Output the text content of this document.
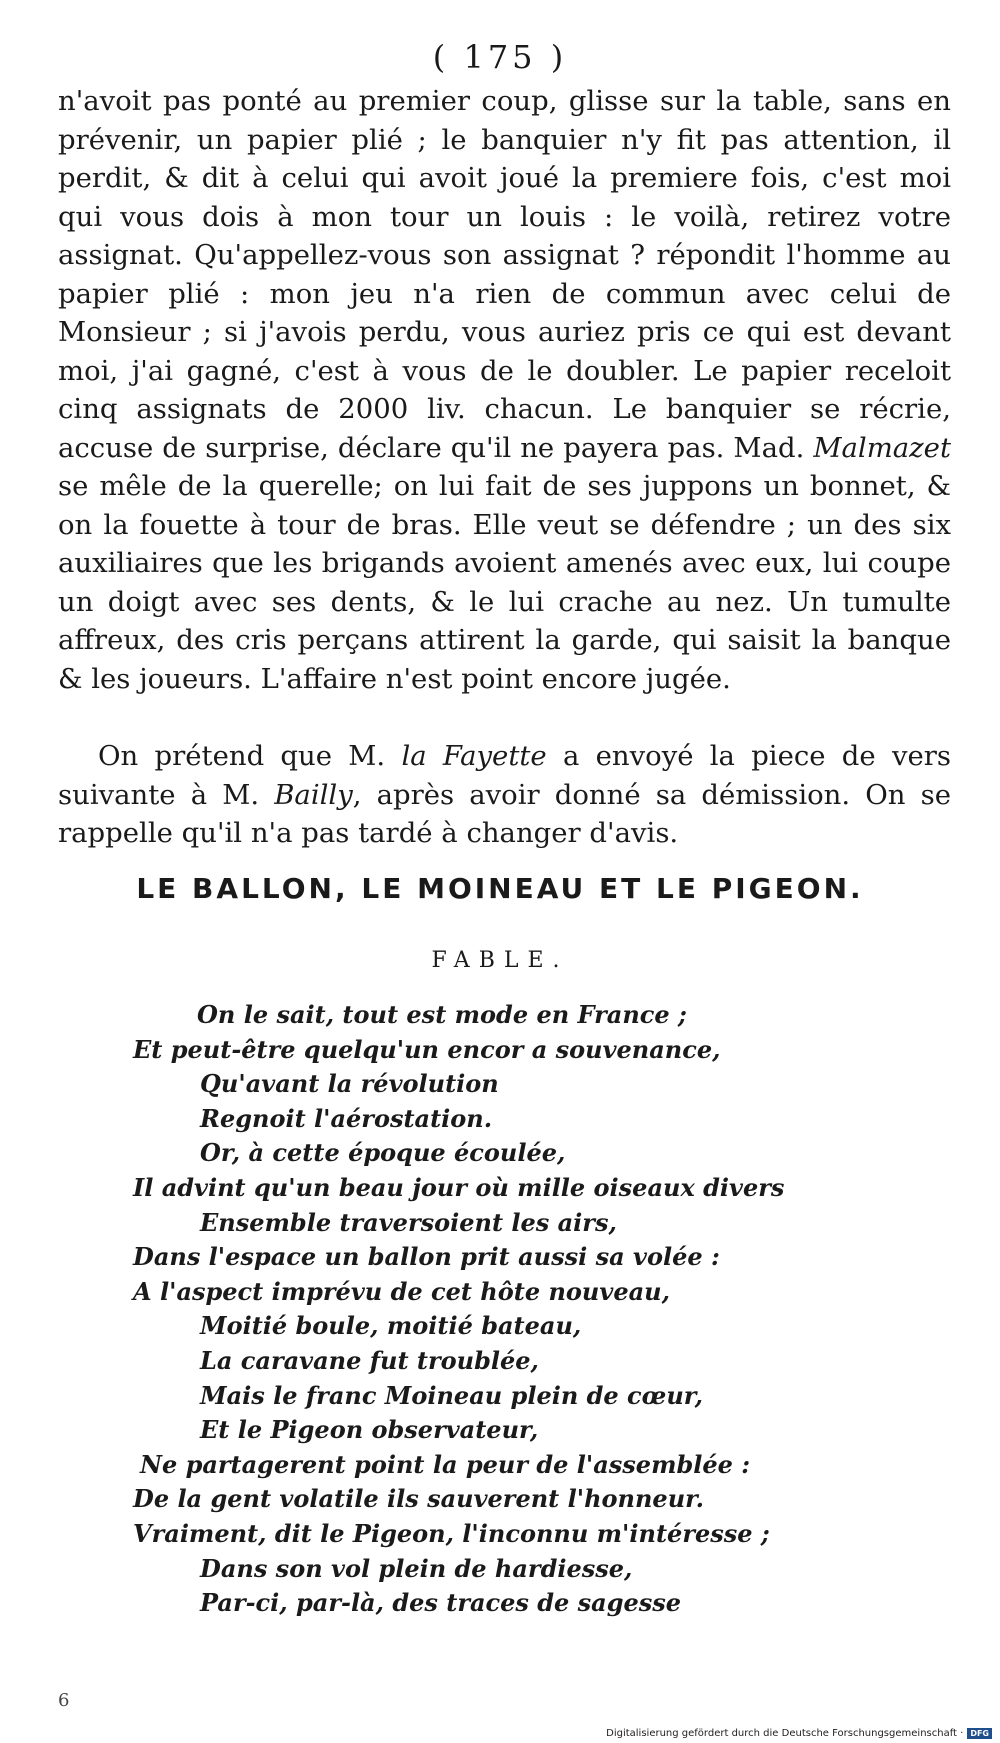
( 175 )

n'avoit pas ponté au premier coup, glisse sur la table, sans en prévenir, un papier plié ; le banquier n'y fit pas attention, il perdit, & dit à celui qui avoit joué la premiere fois, c'est moi qui vous dois à mon tour un louis : le voilà, retirez votre assignat. Qu'appellez-vous son assignat ? répondit l'homme au papier plié : mon jeu n'a rien de commun avec celui de Monsieur ; si j'avois perdu, vous auriez pris ce qui est devant moi, j'ai gagné, c'est à vous de le doubler. Le papier receloit cinq assignats de 2000 liv. chacun. Le banquier se récrie, accuse de surprise, déclare qu'il ne payera pas. Mad. Malmazet se mêle de la querelle; on lui fait de ses juppons un bonnet, & on la fouette à tour de bras. Elle veut se défendre ; un des six auxiliaires que les brigands avoient amenés avec eux, lui coupe un doigt avec ses dents, & le lui crache au nez. Un tumulte affreux, des cris perçans attirent la garde, qui saisit la banque & les joueurs. L'affaire n'est point encore jugée.

On prétend que M. la Fayette a envoyé la piece de vers suivante à M. Bailly, après avoir donné sa démission. On se rappelle qu'il n'a pas tardé à changer d'avis.

LE BALLON, LE MOINEAU ET LE PIGEON.
FABLE.
On le sait, tout est mode en France ;
Et peut-être quelqu'un encor a souvenance,
Qu'avant la révolution
Regnoit l'aérostation.
Or, à cette époque écoulée,
Il advint qu'un beau jour où mille oiseaux divers
Ensemble traversoient les airs,
Dans l'espace un ballon prit aussi sa volée :
A l'aspect imprévu de cet hôte nouveau,
Moitié boule, moitié bateau,
La caravane fut troublée,
Mais le franc Moineau plein de cœur,
Et le Pigeon observateur,
Ne partagerent point la peur de l'assemblée :
De la gent volatile ils sauverent l'honneur.
Vraiment, dit le Pigeon, l'inconnu m'intéresse ;
Dans son vol plein de hardiesse,
Par-ci, par-là, des traces de sagesse
6
Digitalisierung gefördert durch die Deutsche Forschungsgemeinschaft · DFG
